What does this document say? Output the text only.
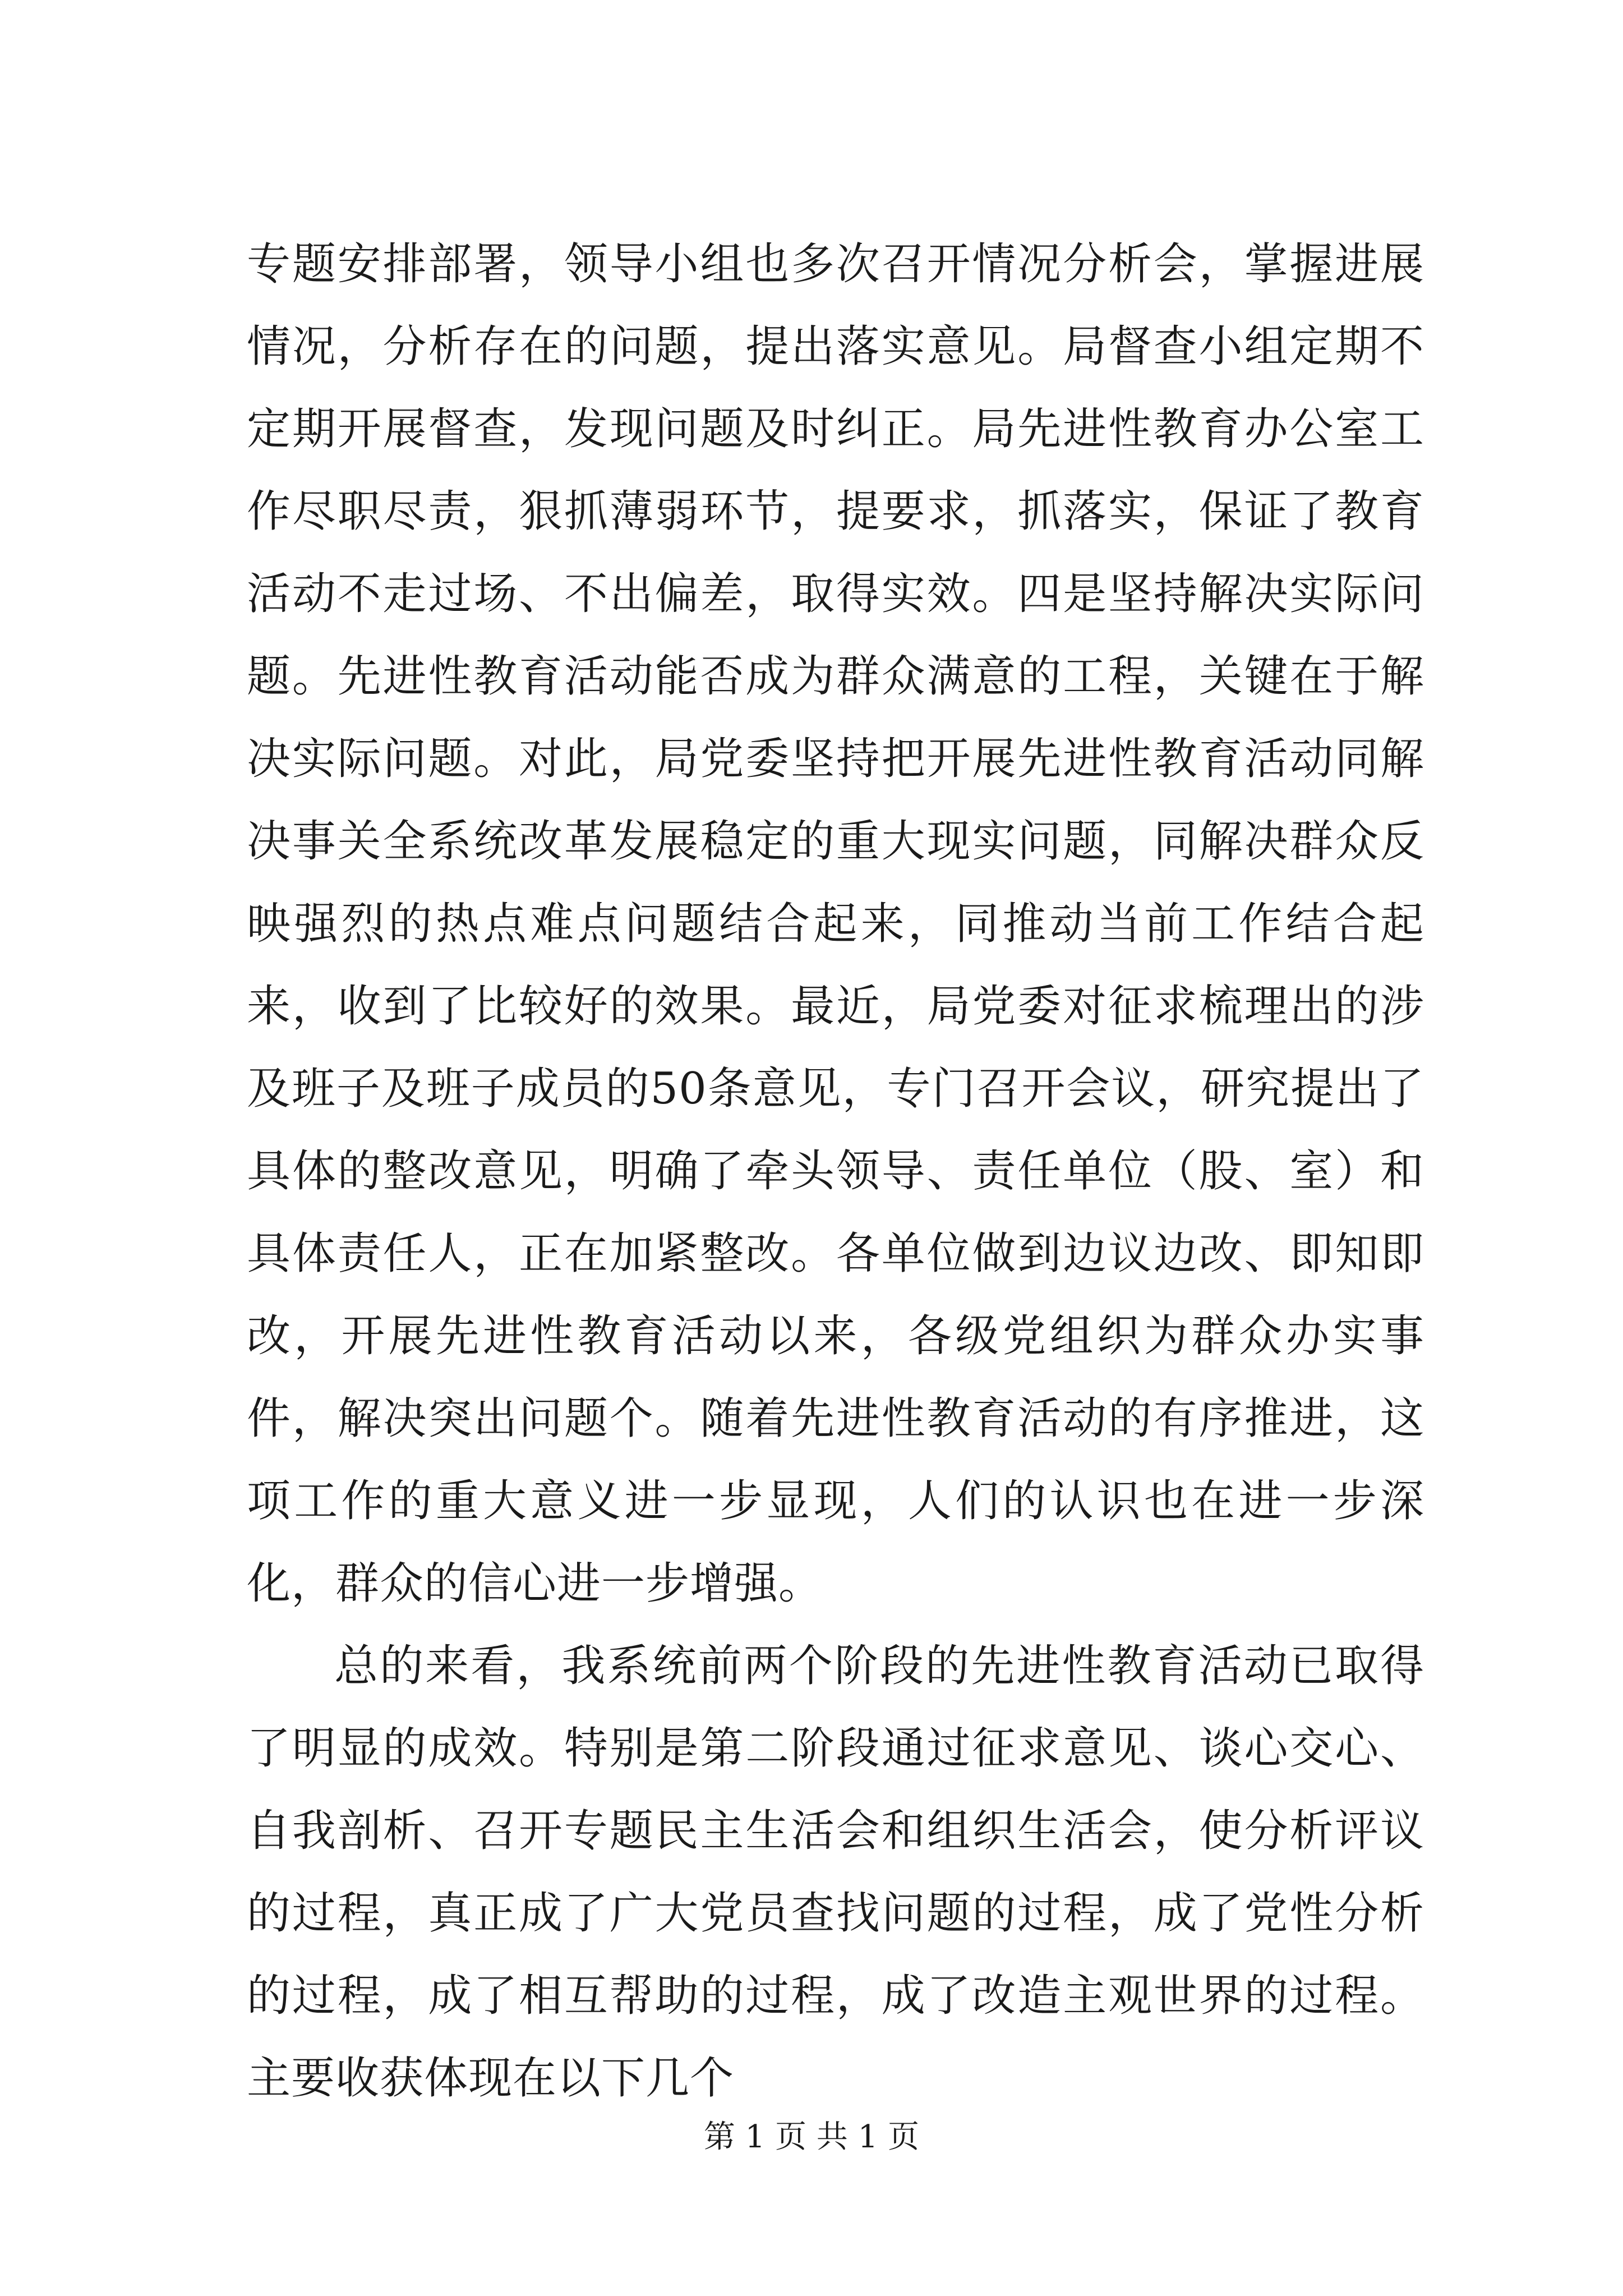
专题安排部署，领导小组也多次召开情况分析会，掌握进展情况，分析存在的问题，提出落实意见。局督查小组定期不定期开展督查，发现问题及时纠正。局先进性教育办公室工作尽职尽责，狠抓薄弱环节，提要求，抓落实，保证了教育活动不走过场、不出偏差，取得实效。四是坚持解决实际问题。先进性教育活动能否成为群众满意的工程，关键在于解决实际问题。对此，局党委坚持把开展先进性教育活动同解决事关全系统改革发展稳定的重大现实问题，同解决群众反映强烈的热点难点问题结合起来，同推动当前工作结合起来，收到了比较好的效果。最近，局党委对征求梳理出的涉及班子及班子成员的50条意见，专门召开会议，研究提出了具体的整改意见，明确了牵头领导、责任单位（股、室）和具体责任人，正在加紧整改。各单位做到边议边改、即知即改，开展先进性教育活动以来，各级党组织为群众办实事件，解决突出问题个。随着先进性教育活动的有序推进，这项工作的重大意义进一步显现，人们的认识也在进一步深化，群众的信心进一步增强。

总的来看，我系统前两个阶段的先进性教育活动已取得了明显的成效。特别是第二阶段通过征求意见、谈心交心、自我剖析、召开专题民主生活会和组织生活会，使分析评议的过程，真正成了广大党员查找问题的过程，成了党性分析的过程，成了相互帮助的过程，成了改造主观世界的过程。主要收获体现在以下几个

第 1 页 共 1 页
